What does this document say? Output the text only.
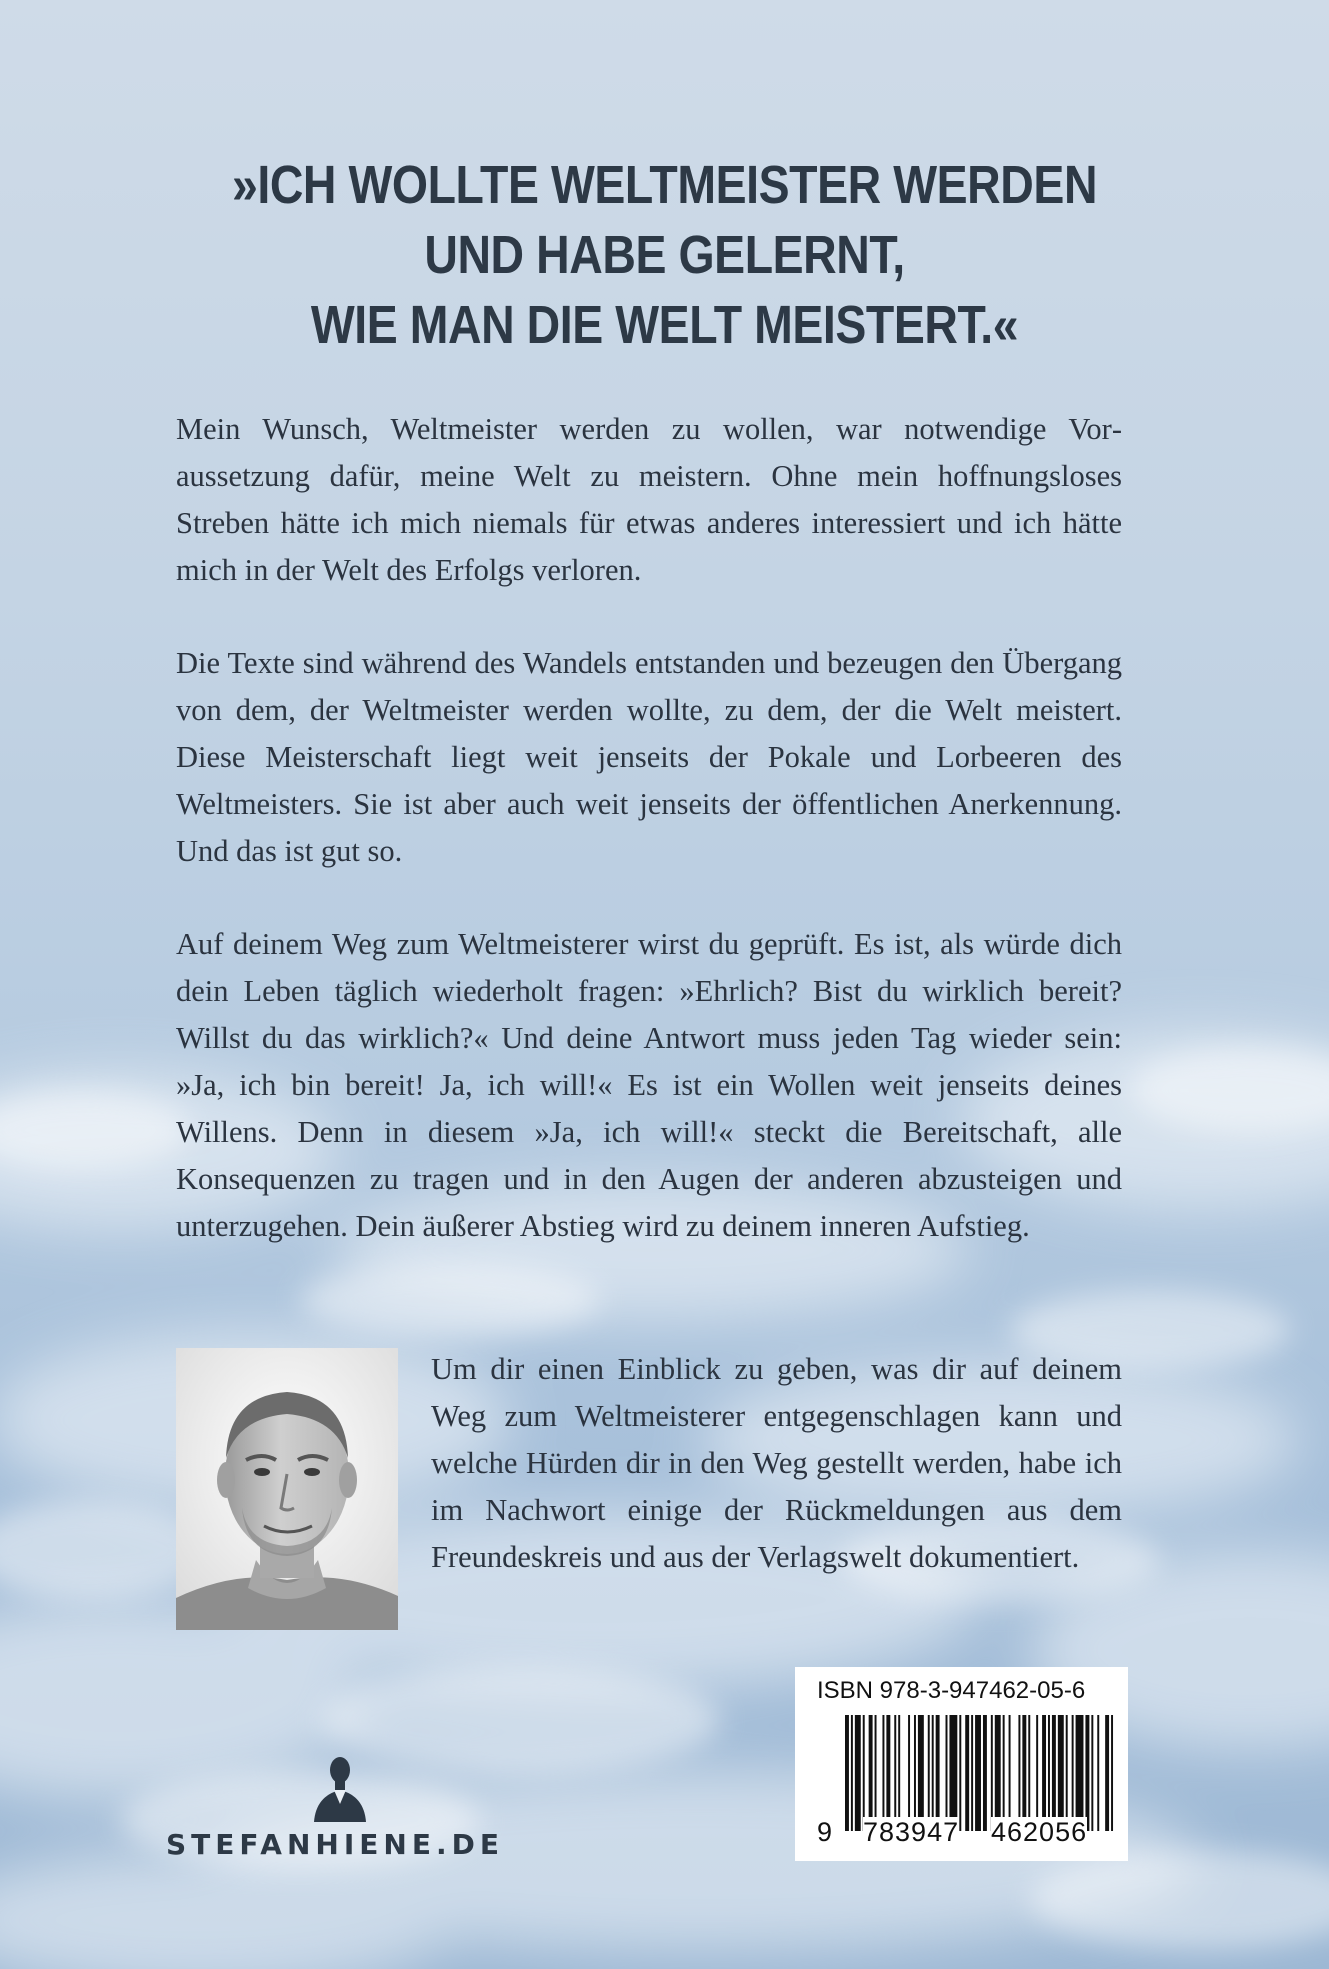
»ICH WOLLTE WELTMEISTER WERDEN
UND HABE GELERNT,
WIE MAN DIE WELT MEISTERT.«
Mein Wunsch, Weltmeister werden zu wollen, war notwendige Voraussetzung dafür, meine Welt zu meistern. Ohne mein hoffnungsloses Streben hätte ich mich niemals für etwas anderes interessiert und ich hätte mich in der Welt des Erfolgs verloren.
Die Texte sind während des Wandels entstanden und bezeugen den Übergang von dem, der Weltmeister werden wollte, zu dem, der die Welt meistert. Diese Meisterschaft liegt weit jenseits der Pokale und Lorbeeren des Weltmeisters. Sie ist aber auch weit jenseits der öffentlichen Anerkennung. Und das ist gut so.
Auf deinem Weg zum Weltmeisterer wirst du geprüft. Es ist, als würde dich dein Leben täglich wiederholt fragen: »Ehrlich? Bist du wirklich bereit? Willst du das wirklich?« Und deine Antwort muss jeden Tag wieder sein: »Ja, ich bin bereit! Ja, ich will!« Es ist ein Wollen weit jenseits deines Willens. Denn in diesem »Ja, ich will!« steckt die Bereitschaft, alle Konsequenzen zu tragen und in den Augen der anderen abzusteigen und unterzugehen. Dein äußerer Abstieg wird zu deinem inneren Aufstieg.
Um dir einen Einblick zu geben, was dir auf deinem Weg zum Weltmeisterer entgegenschlagen kann und welche Hürden dir in den Weg gestellt werden, habe ich im Nachwort einige der Rückmeldungen aus dem Freundeskreis und aus der Verlagswelt dokumentiert.
ISBN 978-3-947462-05-6
9 783947 462056
STEFANHIENE.DE
